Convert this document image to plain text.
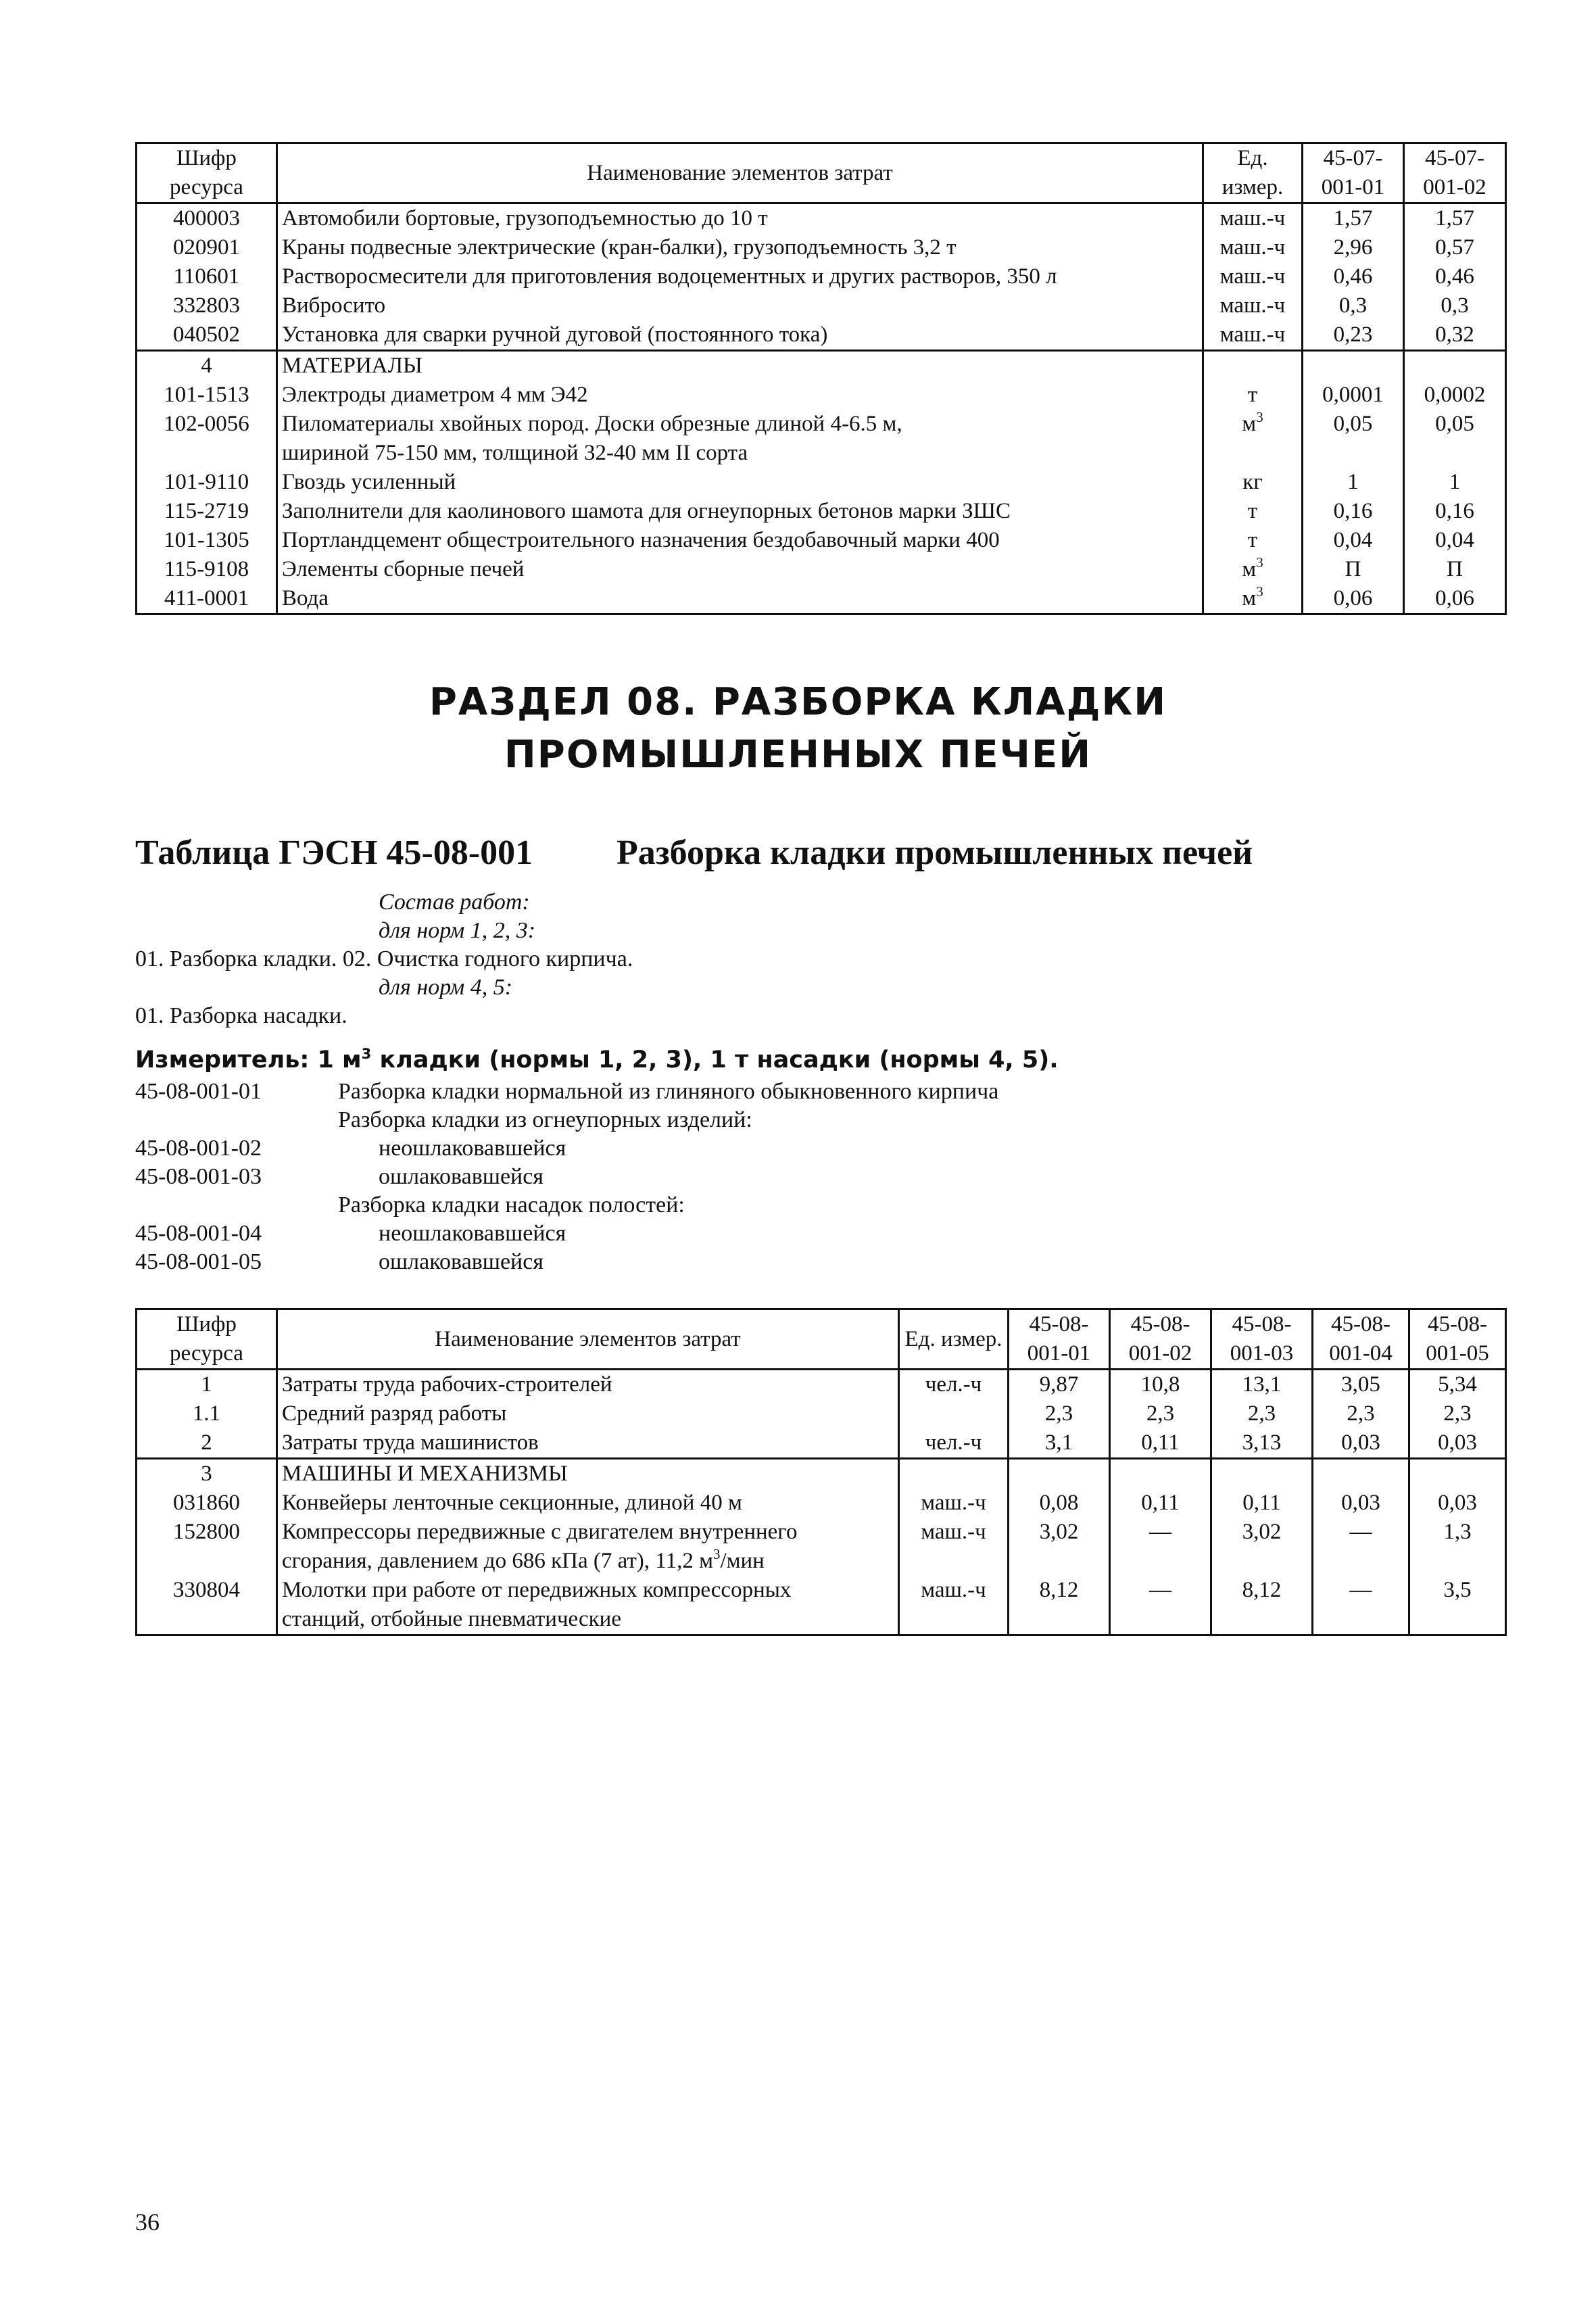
Шифр ресурса	Наименование элементов затрат	Ед. измер.	45-07-001-01	45-07-001-02
400003	Автомобили бортовые, грузоподъемностью до 10 т	маш.-ч	1,57	1,57
020901	Краны подвесные электрические (кран-балки), грузоподъемность 3,2 т	маш.-ч	2,96	0,57
110601	Растворосмесители для приготовления водоцементных и других растворов, 350 л	маш.-ч	0,46	0,46
332803	Вибросито	маш.-ч	0,3	0,3
040502	Установка для сварки ручной дуговой (постоянного тока)	маш.-ч	0,23	0,32
4	МАТЕРИАЛЫ			
101-1513	Электроды диаметром 4 мм Э42	т	0,0001	0,0002
102-0056	Пиломатериалы хвойных пород. Доски обрезные длиной 4-6.5 м,
шириной 75-150 мм, толщиной 32-40 мм II сорта	$м^3$	0,05	0,05
101-9110	Гвоздь усиленный	кг	1	1
115-2719	Заполнители для каолинового шамота для огнеупорных бетонов марки ЗШС	т	0,16	0,16
101-1305	Портландцемент общестроительного назначения бездобавочный марки 400	т	0,04	0,04
115-9108	Элементы сборные печей	$м^3$	П	П
411-0001	Вода	$м^3$	0,06	0,06
РАЗДЕЛ 08. РАЗБОРКА КЛАДКИ
ПРОМЫШЛЕННЫХ ПЕЧЕЙ
Таблица ГЭСН 45-08-001 Разборка кладки промышленных печей
Состав работ:
для норм 1, 2, 3:
01. Разборка кладки. 02. Очистка годного кирпича.
для норм 4, 5:
01. Разборка насадки.
Измеритель: 1 $м^3$ кладки (нормы 1, 2, 3), 1 т насадки (нормы 4, 5).
45-08-001-01	Разборка кладки нормальной из глиняного обыкновенного кирпича
Разборка кладки из огнеупорных изделий:
45-08-001-02	неошлаковавшейся
45-08-001-03	ошлаковавшейся
Разборка кладки насадок полостей:
45-08-001-04	неошлаковавшейся
45-08-001-05	ошлаковавшейся
Шифр ресурса	Наименование элементов затрат	Ед. измер.	45-08-001-01	45-08-001-02	45-08-001-03	45-08-001-04	45-08-001-05
1	Затраты труда рабочих-строителей	чел.-ч	9,87	10,8	13,1	3,05	5,34
1.1	Средний разряд работы		2,3	2,3	2,3	2,3	2,3
2	Затраты труда машинистов	чел.-ч	3,1	0,11	3,13	0,03	0,03
3	МАШИНЫ И МЕХАНИЗМЫ						
031860	Конвейеры ленточные секционные, длиной 40 м	маш.-ч	0,08	0,11	0,11	0,03	0,03
152800	Компрессоры передвижные с двигателем внутреннего
сгорания, давлением до 686 кПа (7 ат), 11,2 $м^3$/мин	маш.-ч	3,02	—	3,02	—	1,3
330804	Молотки при работе от передвижных компрессорных
станций, отбойные пневматические	маш.-ч	8,12	—	8,12	—	3,5
36
